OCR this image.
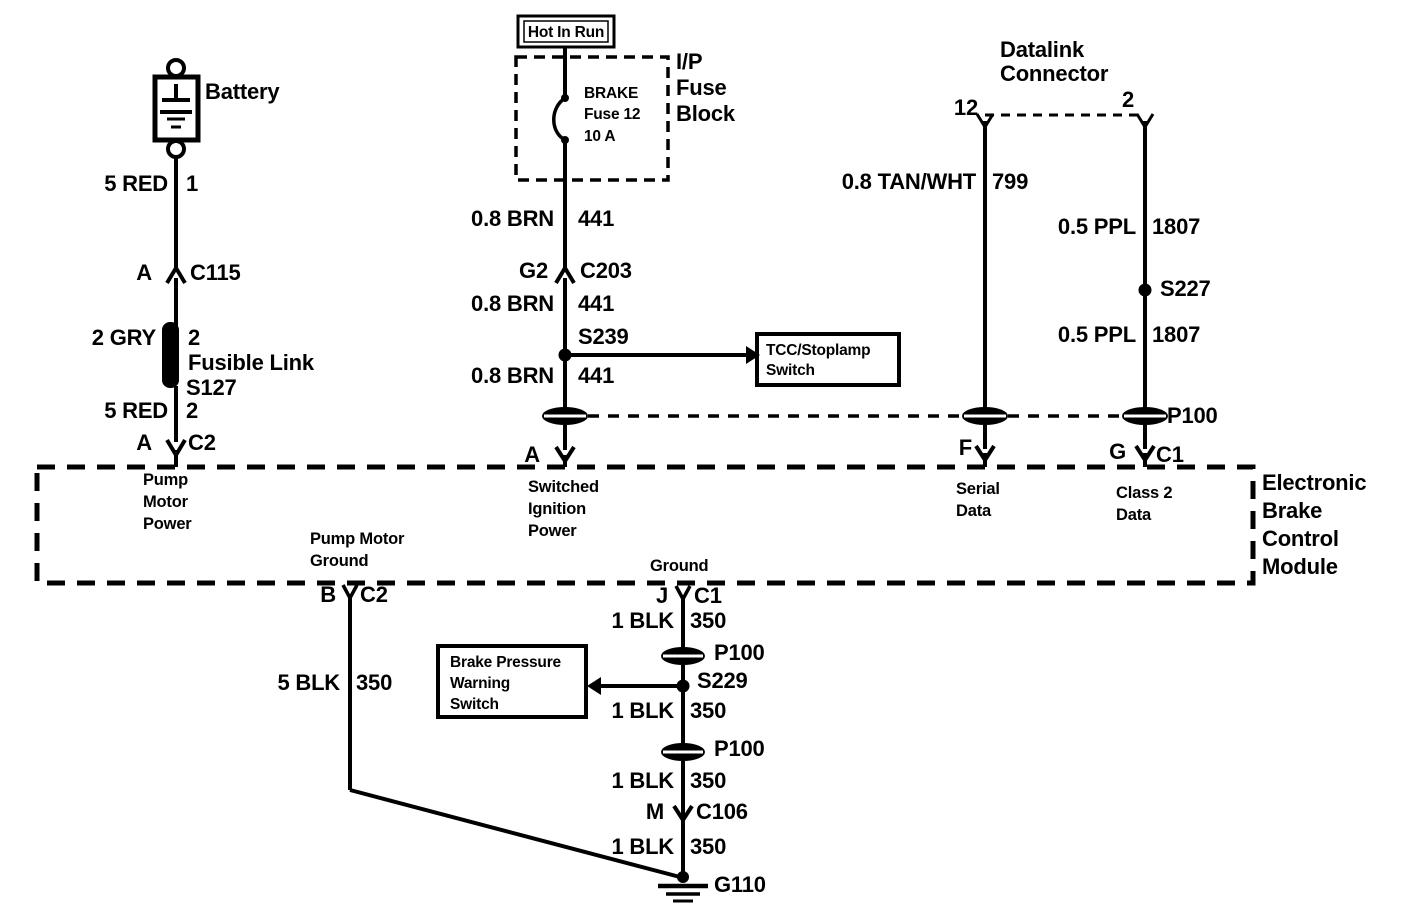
Battery
5 RED 1
A C115
2 GRY 2
Fusible Link
S127
5 RED 2
A C2
Hot In Run
BRAKE
Fuse 12
10 A
I/P
Fuse
Block
0.8 BRN 441
G2 C203
0.8 BRN 441
S239
TCC/Stoplamp
Switch
0.8 BRN 441
A
Datalink
Connector
12	2
0.8 TAN/WHT 799
0.5 PPL 1807
S227
0.5 PPL 1807
P100
F	G C1
Pump
Motor
Power
Switched
Ignition
Power
Serial
Data
Class 2
Data
Pump Motor
Ground	Ground
Electronic
Brake
Control
Module
B C2	J C1
1 BLK 350
P100
S229
Brake Pressure
Warning
Switch
5 BLK 350
1 BLK 350
P100
1 BLK 350
M C106
1 BLK 350
G110
